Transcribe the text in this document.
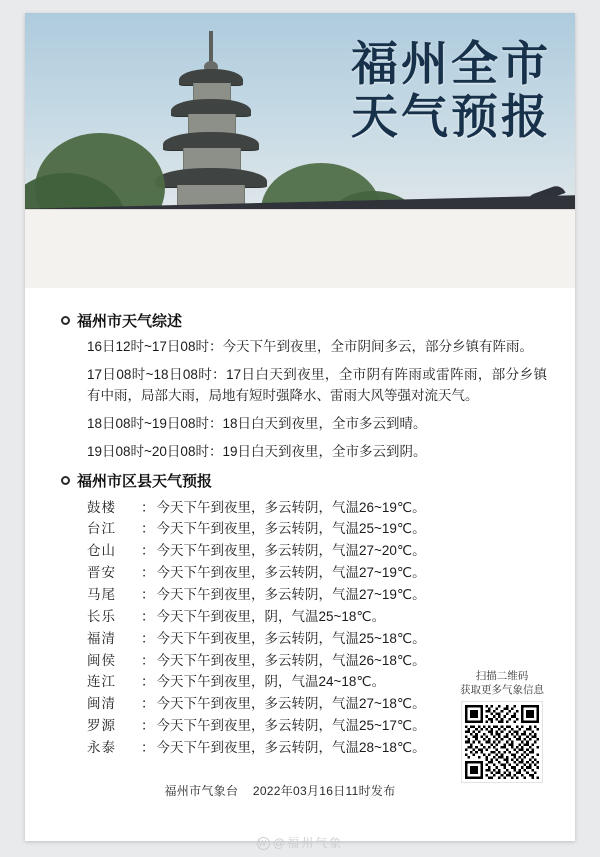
福州全市
天气预报
福州市天气综述

16日12时~17日08时：今天下午到夜里，全市阴间多云，部分乡镇有阵雨。

17日08时~18日08时：17日白天到夜里，全市阴有阵雨或雷阵雨，部分乡镇有中雨，局部大雨，局地有短时强降水、雷雨大风等强对流天气。

18日08时~19日08时：18日白天到夜里，全市多云到晴。

19日08时~20日08时：19日白天到夜里，全市多云到阴。

福州市区县天气预报
鼓楼	： 今天下午到夜里，多云转阴，气温26~19℃。
台江	： 今天下午到夜里，多云转阴，气温25~19℃。
仓山	： 今天下午到夜里，多云转阴，气温27~20℃。
晋安	： 今天下午到夜里，多云转阴，气温27~19℃。
马尾	： 今天下午到夜里，多云转阴，气温27~19℃。
长乐	： 今天下午到夜里，阴，气温25~18℃。
福清	： 今天下午到夜里，多云转阴，气温25~18℃。
闽侯	： 今天下午到夜里，多云转阴，气温26~18℃。
连江	： 今天下午到夜里，阴，气温24~18℃。
闽清	： 今天下午到夜里，多云转阴，气温27~18℃。
罗源	： 今天下午到夜里，多云转阴，气温25~17℃。
永泰	： 今天下午到夜里，多云转阴，气温28~18℃。
扫描二维码
获取更多气象信息
福州市气象台 2022年03月16日11时发布
W @福州气象
